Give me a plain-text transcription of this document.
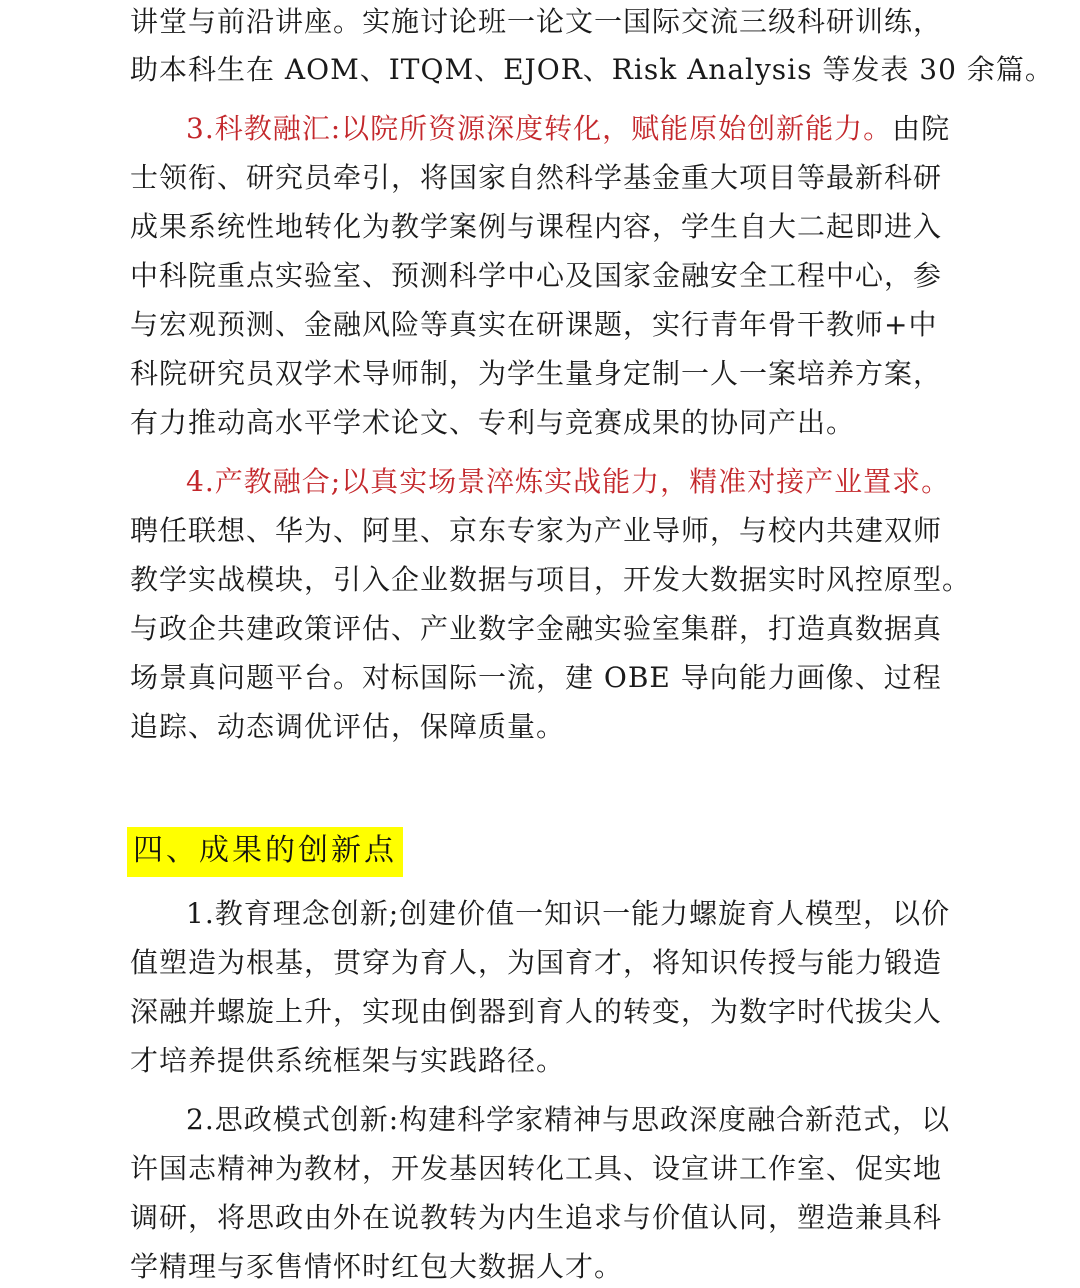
讲堂与前沿讲座。实施讨论班一论文一国际交流三级科研训练，
助本科生在 AOM、ITQM、EJOR、Risk Analysis 等发表 30 余篇。
3.科教融汇:以院所资源深度转化，赋能原始创新能力。由院
士领衔、研究员牵引，将国家自然科学基金重大项目等最新科研
成果系统性地转化为教学案例与课程内容，学生自大二起即进入
中科院重点实验室、预测科学中心及国家金融安全工程中心，参
与宏观预测、金融风险等真实在研课题，实行青年骨干教师+中
科院研究员双学术导师制，为学生量身定制一人一案培养方案，
有力推动高水平学术论文、专利与竞赛成果的协同产出。
4.产教融合;以真实场景淬炼实战能力，精准对接产业置求。
聘任联想、华为、阿里、京东专家为产业导师，与校内共建双师
教学实战模块，引入企业数据与项目，开发大数据实时风控原型。
与政企共建政策评估、产业数字金融实验室集群，打造真数据真
场景真问题平台。对标国际一流，建 OBE 导向能力画像、过程
追踪、动态调优评估，保障质量。
四、成果的创新点
1.教育理念创新;创建价值一知识一能力螺旋育人模型，以价
值塑造为根基，贯穿为育人，为国育才，将知识传授与能力锻造
深融并螺旋上升，实现由倒器到育人的转变，为数字时代拔尖人
才培养提供系统框架与实践路径。
2.思政模式创新:构建科学家精神与思政深度融合新范式，以
许国志精神为教材，开发基因转化工具、设宣讲工作室、促实地
调研，将思政由外在说教转为内生追求与价值认同，塑造兼具科
学精理与豕售情怀时红包大数据人才。
